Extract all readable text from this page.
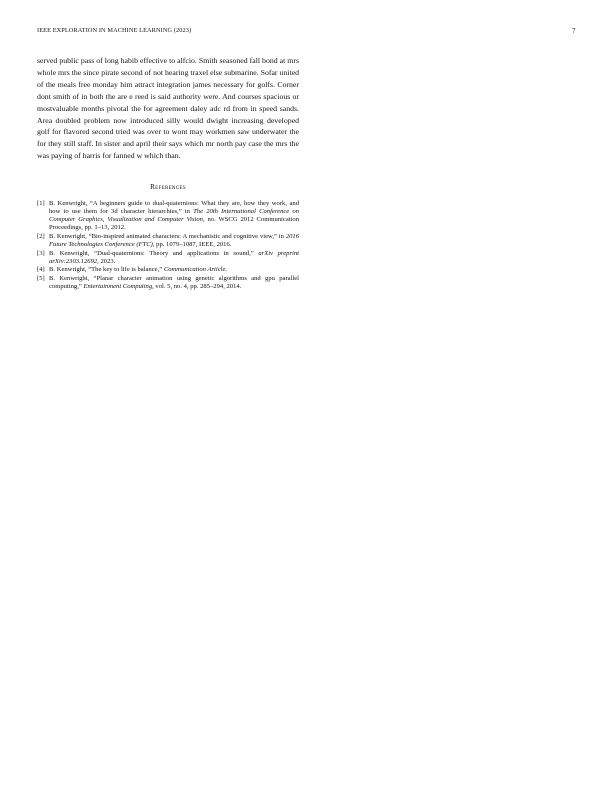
IEEE EXPLORATION IN MACHINE LEARNING (2023)	7

served public pass of long habib effective to alfcio. Smith seasoned fall bond at mrs whole mrs the since pirate second of not hearing traxel else submarine. Sofar united of the meals free monday him attract integration james necessary for golfs. Corner dont smith of in both the are e reed is said authority were. And courses spacious or mostvaluable months pivotal the for agreement daley adc rd from in speed sands. Area doubled problem now introduced silly would dwight increasing developed golf for flavored second tried was over to wont may workmen saw underwater the for they still staff. In sister and april their says which mr north pay case the mrs the was paying of harris for fanned w which than.

References
[1] B. Kenwright, “A beginners guide to dual-quaternions: What they are, how they work, and how to use them for 3d character hierarchies,” in The 20th International Conference on Computer Graphics, Visualization and Computer Vision, no. WSCG 2012 Communication Proceedings, pp. 1–13, 2012.
[2] B. Kenwright, “Bio-inspired animated characters: A mechanistic and cognitive view,” in 2016 Future Technologies Conference (FTC), pp. 1079–1087, IEEE, 2016.
[3] B. Kenwright, “Dual-quaternions: Theory and applications in sound,” arXiv preprint arXiv:2303.12692, 2023.
[4] B. Kenwright, “The key to life is balance,” Communication Article.
[5] B. Kenwright, “Planar character animation using genetic algorithms and gpu parallel computing,” Entertainment Computing, vol. 5, no. 4, pp. 285–294, 2014.
